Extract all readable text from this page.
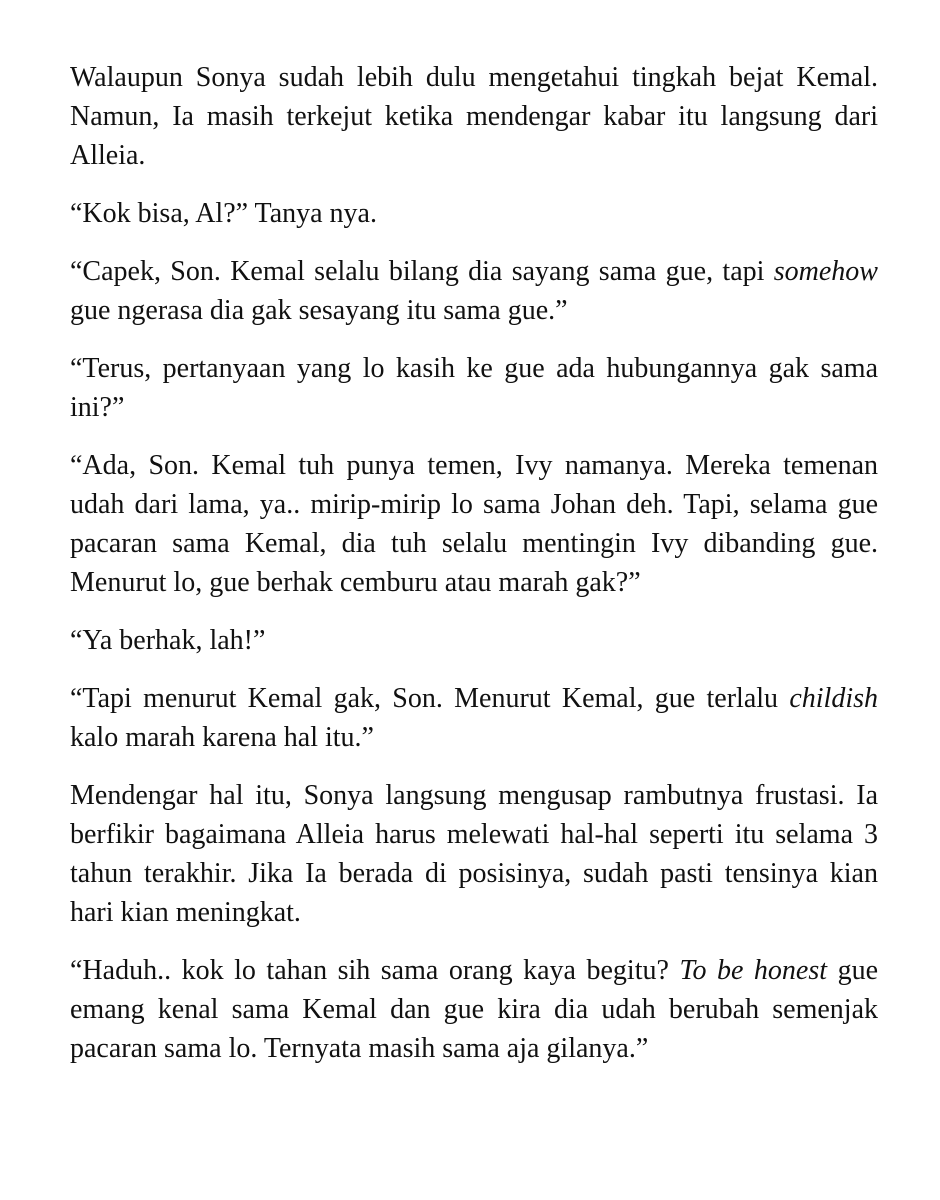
Walaupun Sonya sudah lebih dulu mengetahui tingkah bejat Kemal. Namun, Ia masih terkejut ketika mendengar kabar itu langsung dari Alleia.

“Kok bisa, Al?” Tanya nya.

“Capek, Son. Kemal selalu bilang dia sayang sama gue, tapi somehow gue ngerasa dia gak sesayang itu sama gue.”

“Terus, pertanyaan yang lo kasih ke gue ada hubungannya gak sama ini?”

“Ada, Son. Kemal tuh punya temen, Ivy namanya. Mereka temenan udah dari lama, ya.. mirip-mirip lo sama Johan deh. Tapi, selama gue pacaran sama Kemal, dia tuh selalu mentingin Ivy dibanding gue. Menurut lo, gue berhak cemburu atau marah gak?”

“Ya berhak, lah!”

“Tapi menurut Kemal gak, Son. Menurut Kemal, gue terlalu childish kalo marah karena hal itu.”

Mendengar hal itu, Sonya langsung mengusap rambutnya frustasi. Ia berfikir bagaimana Alleia harus melewati hal-hal seperti itu selama 3 tahun terakhir. Jika Ia berada di posisinya, sudah pasti tensinya kian hari kian meningkat.

“Haduh.. kok lo tahan sih sama orang kaya begitu? To be honest gue emang kenal sama Kemal dan gue kira dia udah berubah semenjak pacaran sama lo. Ternyata masih sama aja gilanya.”
